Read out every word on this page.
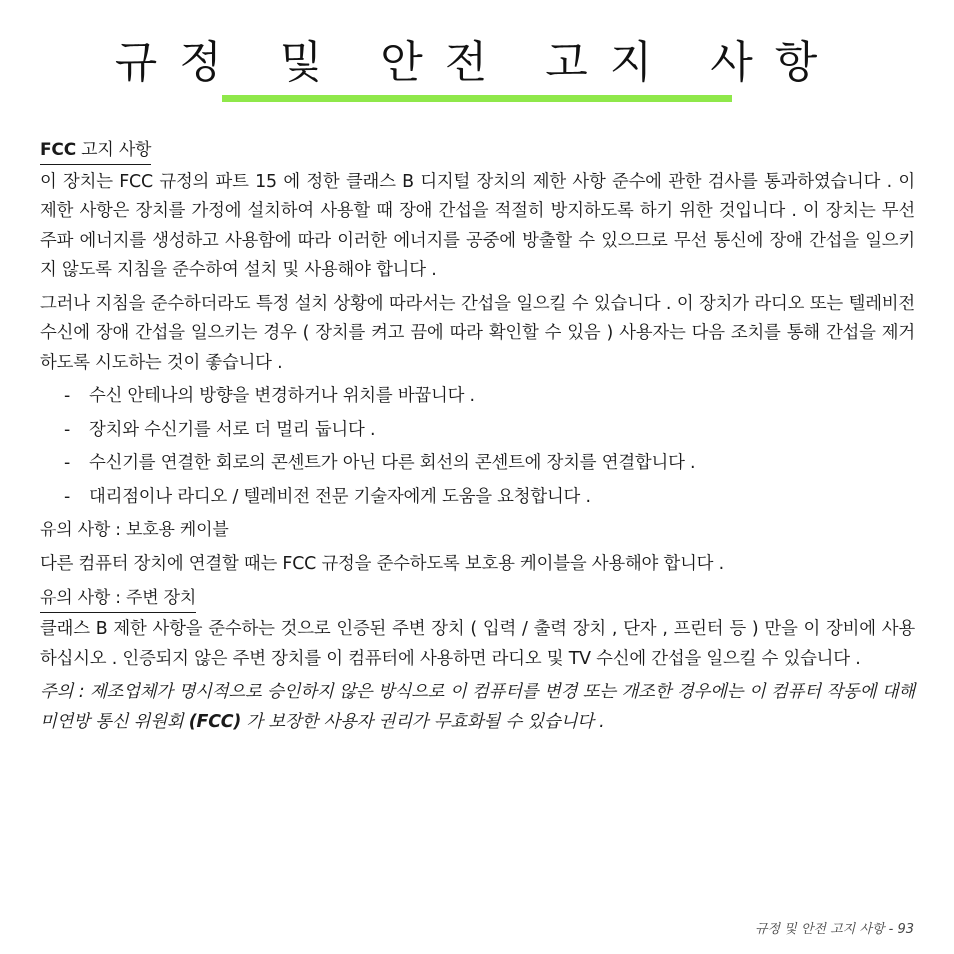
규정 및 안전 고지 사항

FCC 고지 사항

이 장치는 FCC 규정의 파트 15 에 정한 클래스 B 디지털 장치의 제한 사항 준수에 관한 검사를 통과하였습니다 . 이 제한 사항은 장치를 가정에 설치하여 사용할 때 장애 간섭을 적절히 방지하도록 하기 위한 것입니다 . 이 장치는 무선 주파 에너지를 생성하고 사용함에 따라 이러한 에너지를 공중에 방출할 수 있으므로 무선 통신에 장애 간섭을 일으키지 않도록 지침을 준수하여 설치 및 사용해야 합니다 .

그러나 지침을 준수하더라도 특정 설치 상황에 따라서는 간섭을 일으킬 수 있습니다 . 이 장치가 라디오 또는 텔레비전 수신에 장애 간섭을 일으키는 경우 ( 장치를 켜고 끔에 따라 확인할 수 있음 ) 사용자는 다음 조치를 통해 간섭을 제거하도록 시도하는 것이 좋습니다 .

- 수신 안테나의 방향을 변경하거나 위치를 바꿉니다 .
- 장치와 수신기를 서로 더 멀리 둡니다 .
- 수신기를 연결한 회로의 콘센트가 아닌 다른 회선의 콘센트에 장치를 연결합니다 .
- 대리점이나 라디오 / 텔레비전 전문 기술자에게 도움을 요청합니다 .

유의 사항 : 보호용 케이블

다른 컴퓨터 장치에 연결할 때는 FCC 규정을 준수하도록 보호용 케이블을 사용해야 합니다 .

유의 사항 : 주변 장치

클래스 B 제한 사항을 준수하는 것으로 인증된 주변 장치 ( 입력 / 출력 장치 , 단자 , 프린터 등 ) 만을 이 장비에 사용하십시오 . 인증되지 않은 주변 장치를 이 컴퓨터에 사용하면 라디오 및 TV 수신에 간섭을 일으킬 수 있습니다 .

주의 : 제조업체가 명시적으로 승인하지 않은 방식으로 이 컴퓨터를 변경 또는 개조한 경우에는 이 컴퓨터 작동에 대해 미연방 통신 위원회 (FCC) 가 보장한 사용자 권리가 무효화될 수 있습니다 .

규정 및 안전 고지 사항 - 93
